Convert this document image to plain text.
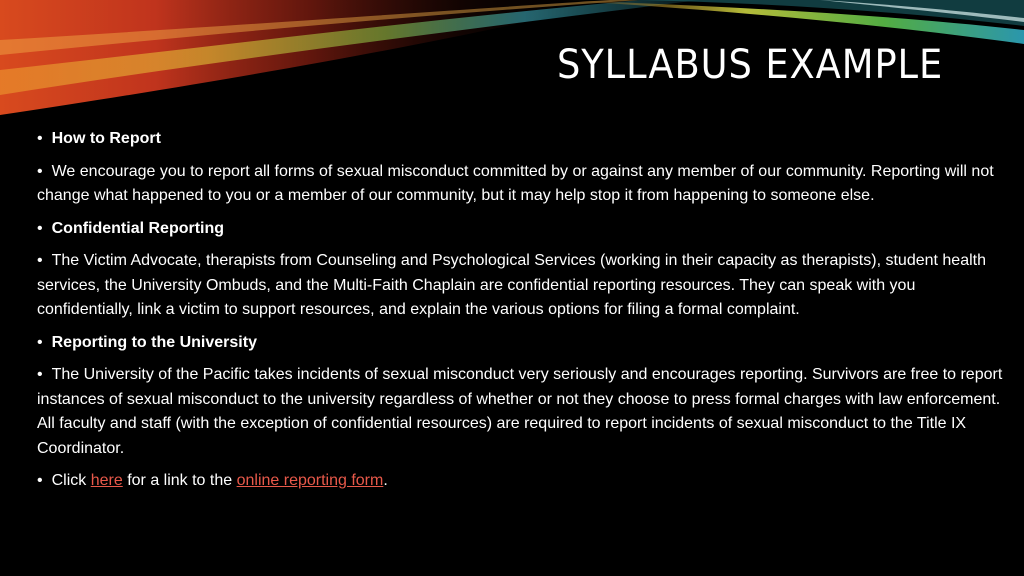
SYLLABUS EXAMPLE

• How to Report

• We encourage you to report all forms of sexual misconduct committed by or against any member of our community. Reporting will not change what happened to you or a member of our community, but it may help stop it from happening to someone else.

• Confidential Reporting

• The Victim Advocate, therapists from Counseling and Psychological Services (working in their capacity as therapists), student health services, the University Ombuds, and the Multi-Faith Chaplain are confidential reporting resources. They can speak with you confidentially, link a victim to support resources, and explain the various options for filing a formal complaint.

• Reporting to the University

• The University of the Pacific takes incidents of sexual misconduct very seriously and encourages reporting. Survivors are free to report instances of sexual misconduct to the university regardless of whether or not they choose to press formal charges with law enforcement. All faculty and staff (with the exception of confidential resources) are required to report incidents of sexual misconduct to the Title IX Coordinator.

• Click here for a link to the online reporting form.
